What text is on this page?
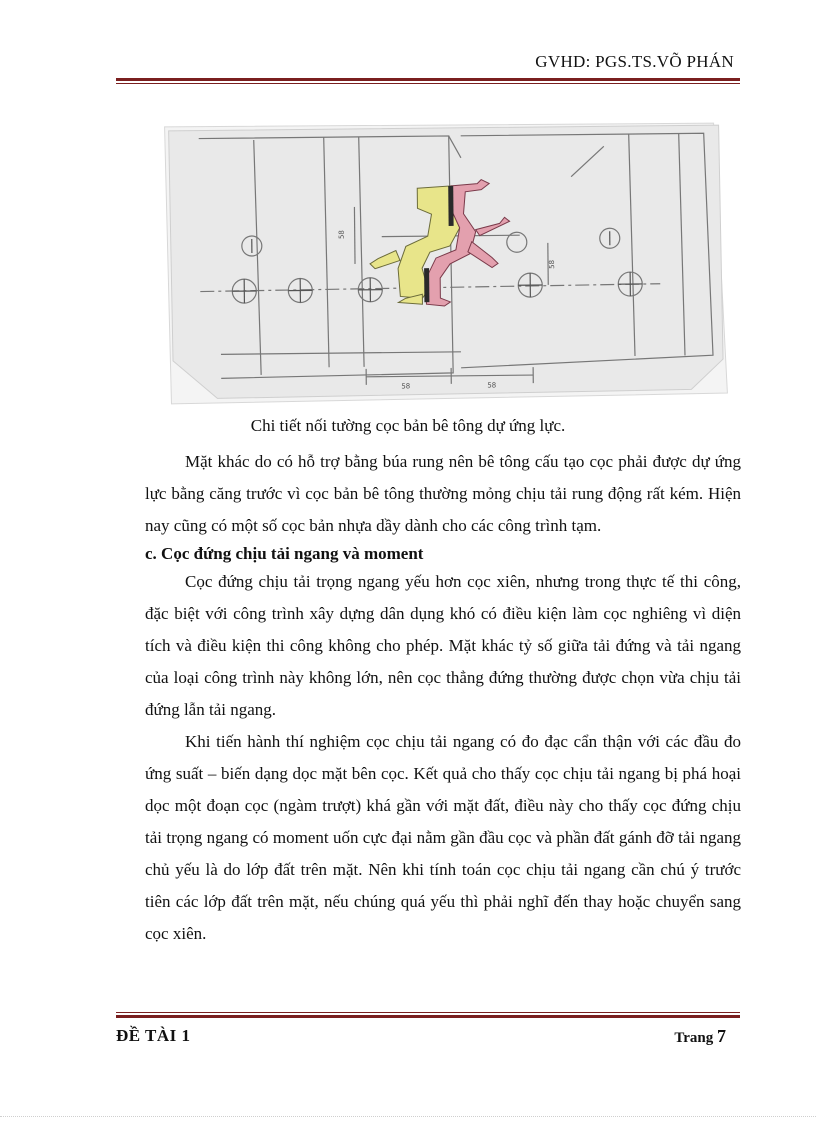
GVHD: PGS.TS.VÕ PHÁN
58	58
58
58
Chi tiết nối tường cọc bản bê tông dự ứng lực.

Mặt khác do có hỗ trợ bằng búa rung nên bê tông cấu tạo cọc phải được dự ứng lực bằng căng trước vì cọc bản bê tông thường mỏng chịu tải rung động rất kém. Hiện nay cũng có một số cọc bản nhựa dầy dành cho các công trình tạm.

c. Cọc đứng chịu tải ngang và moment

Cọc đứng chịu tải trọng ngang yếu hơn cọc xiên, nhưng trong thực tế thi công, đặc biệt với công trình xây dựng dân dụng khó có điều kiện làm cọc nghiêng vì diện tích và điều kiện thi công không cho phép. Mặt khác tỷ số giữa tải đứng và tải ngang của loại công trình này không lớn, nên cọc thẳng đứng thường được chọn vừa chịu tải đứng lẫn tải ngang.

Khi tiến hành thí nghiệm cọc chịu tải ngang có đo đạc cẩn thận với các đầu đo ứng suất – biến dạng dọc mặt bên cọc. Kết quả cho thấy cọc chịu tải ngang bị phá hoại dọc một đoạn cọc (ngàm trượt) khá gần với mặt đất, điều này cho thấy cọc đứng chịu tải trọng ngang có moment uốn cực đại nằm gần đầu cọc và phần đất gánh đỡ tải ngang chủ yếu là do lớp đất trên mặt. Nên khi tính toán cọc chịu tải ngang cần chú ý trước tiên các lớp đất trên mặt, nếu chúng quá yếu thì phải nghĩ đến thay hoặc chuyển sang cọc xiên.

ĐỀ TÀI 1	Trang 7
